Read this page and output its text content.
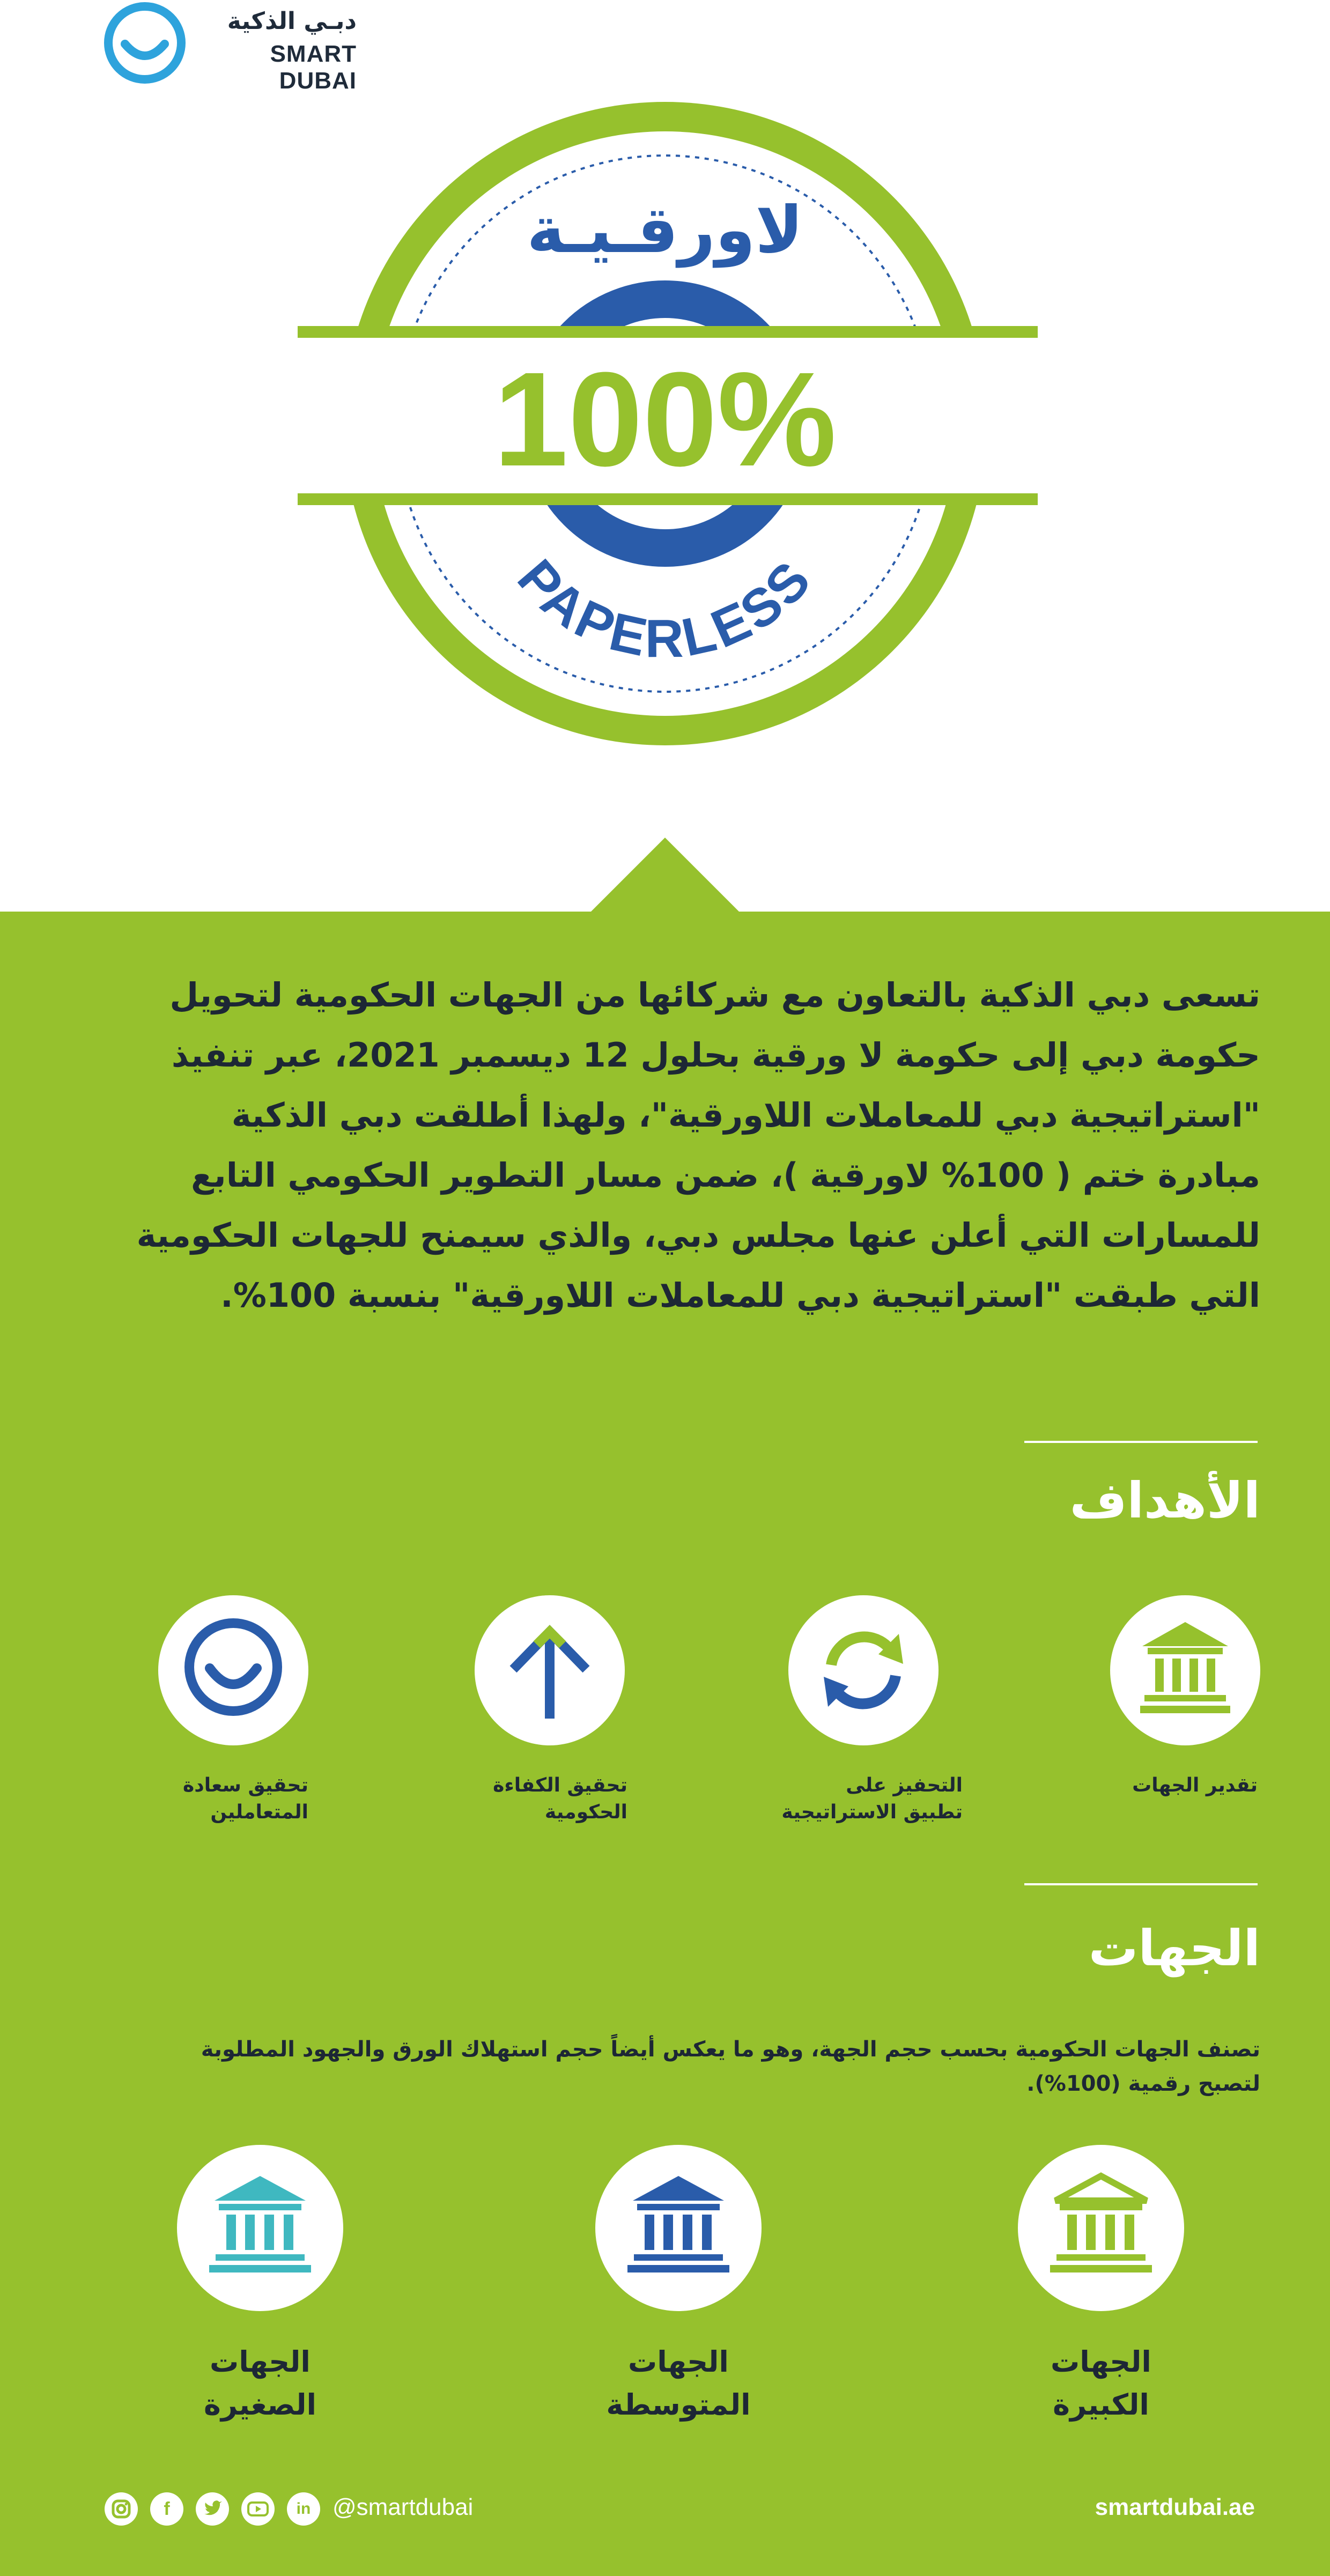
دبـي الذكية
SMART DUBAI
100%
لاورقـيـة
PAPERLESS
تسعى دبي الذكية بالتعاون مع شركائها من الجهات الحكومية لتحويل حكومة دبي إلى حكومة لا ورقية بحلول 12 ديسمبر 2021، عبر تنفيذ "استراتيجية دبي للمعاملات اللاورقية"، ولهذا أطلقت دبي الذكية مبادرة ختم ( 100% لاورقية )، ضمن مسار التطوير الحكومي التابع للمسارات التي أعلن عنها مجلس دبي، والذي سيمنح للجهات الحكومية التي طبقت "استراتيجية دبي للمعاملات اللاورقية" بنسبة 100%.
الأهداف
تقدير الجهات
التحفيز على تطبيق الاستراتيجية
تحقيق الكفاءة الحكومية
تحقيق سعادة المتعاملين
الجهات
تصنف الجهات الحكومية بحسب حجم الجهة، وهو ما يعكس أيضاً حجم استهلاك الورق والجهود المطلوبة لتصبح رقمية (100%).
الجهات
الكبيرة
الجهات
المتوسطة
الجهات
الصغيرة
f	in @smartdubai	smartdubai.ae
